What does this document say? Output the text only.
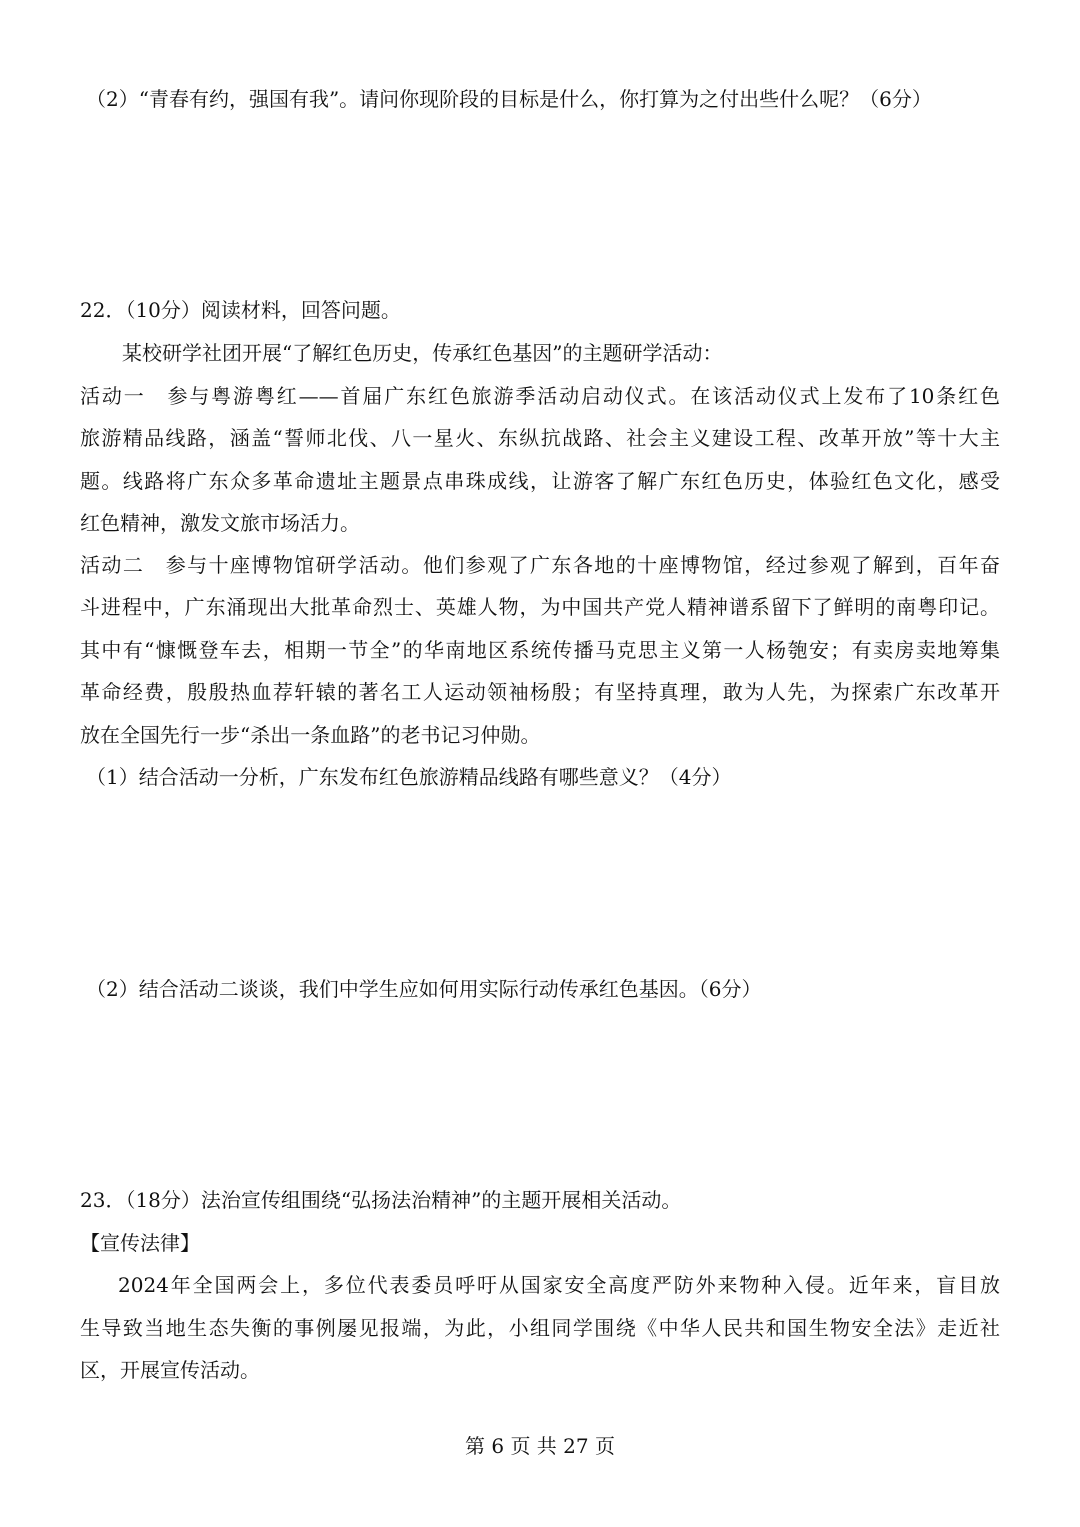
（2）“青春有约，强国有我”。请问你现阶段的目标是什么，你打算为之付出些什么呢？（6分）
22．（10分）阅读材料，回答问题。
某校研学社团开展“了解红色历史，传承红色基因”的主题研学活动：
活动一　参与粤游粤红——首届广东红色旅游季活动启动仪式。在该活动仪式上发布了10条红色
旅游精品线路，涵盖“誓师北伐、八一星火、东纵抗战路、社会主义建设工程、改革开放”等十大主
题。线路将广东众多革命遗址主题景点串珠成线，让游客了解广东红色历史，体验红色文化，感受
红色精神，激发文旅市场活力。
活动二　参与十座博物馆研学活动。他们参观了广东各地的十座博物馆，经过参观了解到，百年奋
斗进程中，广东涌现出大批革命烈士、英雄人物，为中国共产党人精神谱系留下了鲜明的南粤印记。
其中有“慷慨登车去，相期一节全”的华南地区系统传播马克思主义第一人杨匏安；有卖房卖地筹集
革命经费，殷殷热血荐轩辕的著名工人运动领袖杨殷；有坚持真理，敢为人先，为探索广东改革开
放在全国先行一步“杀出一条血路”的老书记习仲勋。
（1）结合活动一分析，广东发布红色旅游精品线路有哪些意义？（4分）
（2）结合活动二谈谈，我们中学生应如何用实际行动传承红色基因。（6分）
23．（18分）法治宣传组围绕“弘扬法治精神”的主题开展相关活动。
【宣传法律】
2024年全国两会上，多位代表委员呼吁从国家安全高度严防外来物种入侵。近年来，盲目放
生导致当地生态失衡的事例屡见报端，为此，小组同学围绕《中华人民共和国生物安全法》走近社
区，开展宣传活动。
第 6 页 共 27 页
